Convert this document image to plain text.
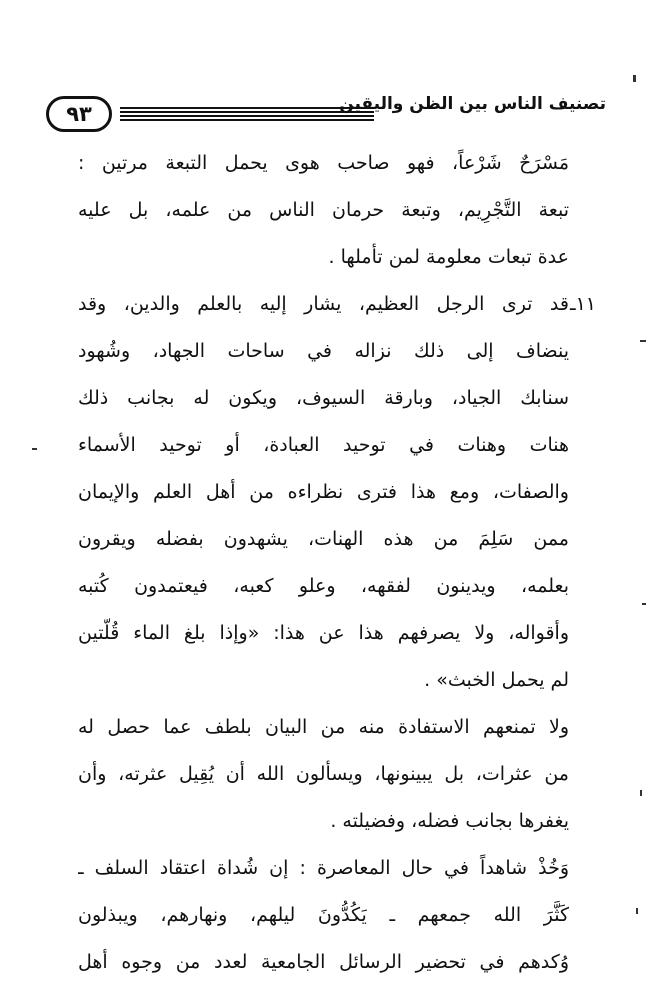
٩٣	تصنيف الناس بين الظن واليقين
مَسْرَحٌ شَرْعاً، فهو صاحب هوى يحمل التبعة مرتين :
تبعة التَّجْرِيم، وتبعة حرمان الناس من علمه، بل عليه
عدة تبعات معلومة لمن تأملها .
١١ـ
قد ترى الرجل العظيم، يشار إليه بالعلم والدين، وقد
ينضاف إلى ذلك نزاله في ساحات الجهاد، وشُهود
سنابك الجياد، وبارقة السيوف، ويكون له بجانب ذلك
هنات وهنات في توحيد العبادة، أو توحيد الأسماء
والصفات، ومع هذا فترى نظراءه من أهل العلم والإيمان
ممن سَلِمَ من هذه الهنات، يشهدون بفضله ويقرون
بعلمه، ويدينون لفقهه، وعلو كعبه، فيعتمدون كُتبه
وأقواله، ولا يصرفهم هذا عن هذا: «وإذا بلغ الماء قُلّتين
لم يحمل الخبث» .
ولا تمنعهم الاستفادة منه من البيان بلطف عما حصل له
من عثرات، بل يبينونها، ويسألون الله أن يُقِيل عثرته، وأن
يغفرها بجانب فضله، وفضيلته .
وَخُذْ شاهداً في حال المعاصرة : إن شُداة اعتقاد السلف ـ
كَثَّرَ الله جمعهم ـ يَكُدُّونَ ليلهم، ونهارهم، ويبذلون
وُكدهم في تحضير الرسائل الجامعية لعدد من وجوه أهل
